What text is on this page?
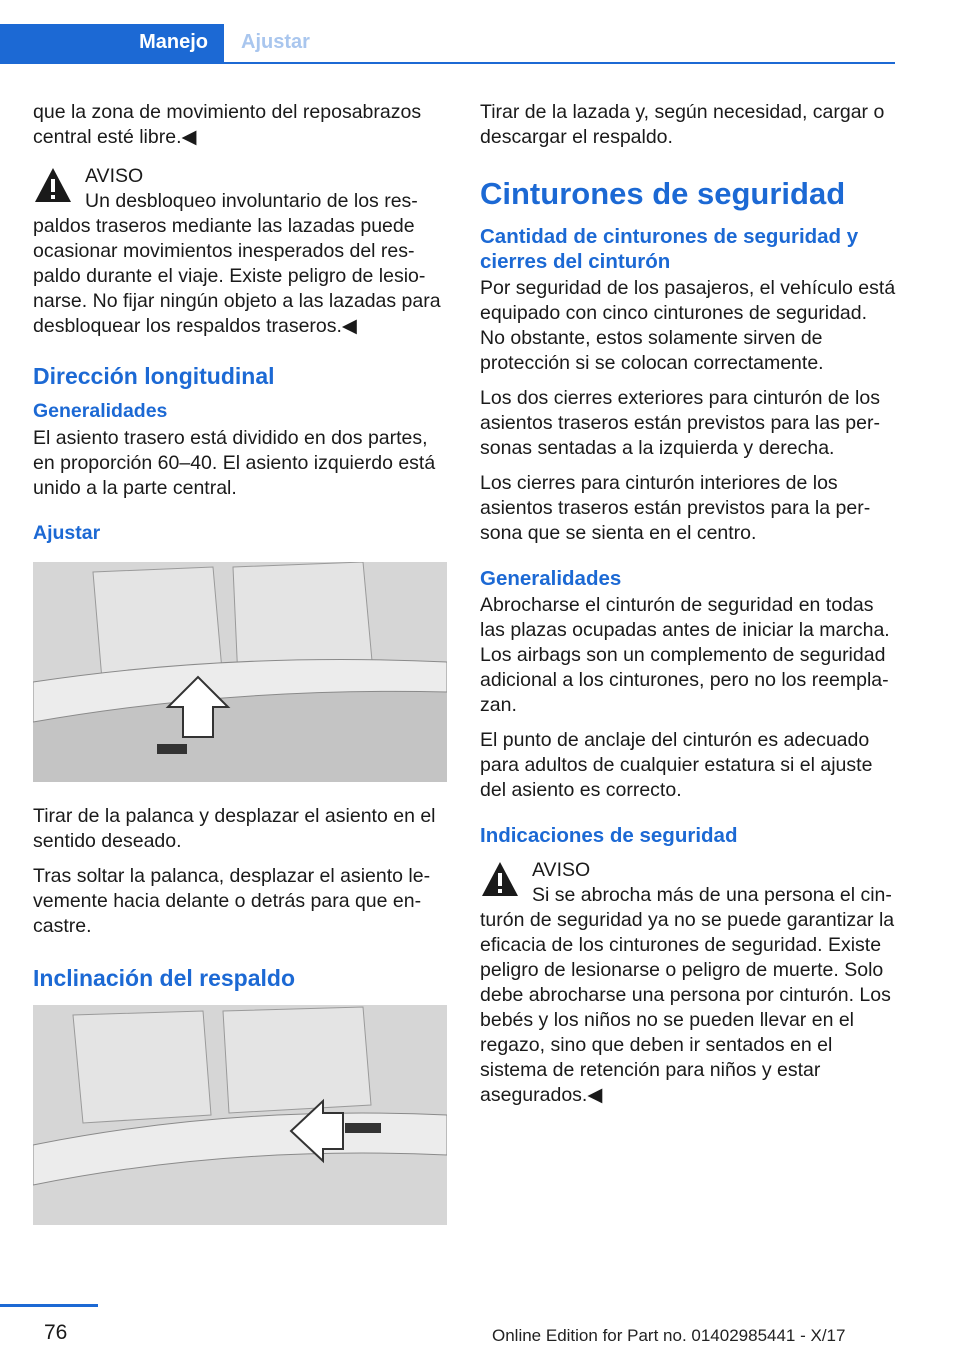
Manejo Ajustar

que la zona de movimiento del reposabrazos central esté libre.◀

AVISO
Un desbloqueo involuntario de los respaldos traseros mediante las lazadas puede ocasionar movimientos inesperados del respaldo durante el viaje. Existe peligro de lesionarse. No fijar ningún objeto a las lazadas para desbloquear los respaldos traseros.◀

Dirección longitudinal
Generalidades

El asiento trasero está dividido en dos partes, en proporción 60–40. El asiento izquierdo está unido a la parte central.

Ajustar

Tirar de la palanca y desplazar el asiento en el sentido deseado.

Tras soltar la palanca, desplazar el asiento levemente hacia delante o detrás para que encastre.

Inclinación del respaldo

Tirar de la lazada y, según necesidad, cargar o descargar el respaldo.

Cinturones de seguridad
Cantidad de cinturones de seguridad y cierres del cinturón

Por seguridad de los pasajeros, el vehículo está equipado con cinco cinturones de seguridad. No obstante, estos solamente sirven de protección si se colocan correctamente.

Los dos cierres exteriores para cinturón de los asientos traseros están previstos para las personas sentadas a la izquierda y derecha.

Los cierres para cinturón interiores de los asientos traseros están previstos para la persona que se sienta en el centro.

Generalidades

Abrocharse el cinturón de seguridad en todas las plazas ocupadas antes de iniciar la marcha. Los airbags son un complemento de seguridad adicional a los cinturones, pero no los reemplazan.

El punto de anclaje del cinturón es adecuado para adultos de cualquier estatura si el ajuste del asiento es correcto.

Indicaciones de seguridad

AVISO
Si se abrocha más de una persona el cinturón de seguridad ya no se puede garantizar la eficacia de los cinturones de seguridad. Existe peligro de lesionarse o peligro de muerte. Solo debe abrocharse una persona por cinturón. Los bebés y los niños no se pueden llevar en el regazo, sino que deben ir sentados en el sistema de retención para niños y estar asegurados.◀

76	Online Edition for Part no. 01402985441 - X/17
